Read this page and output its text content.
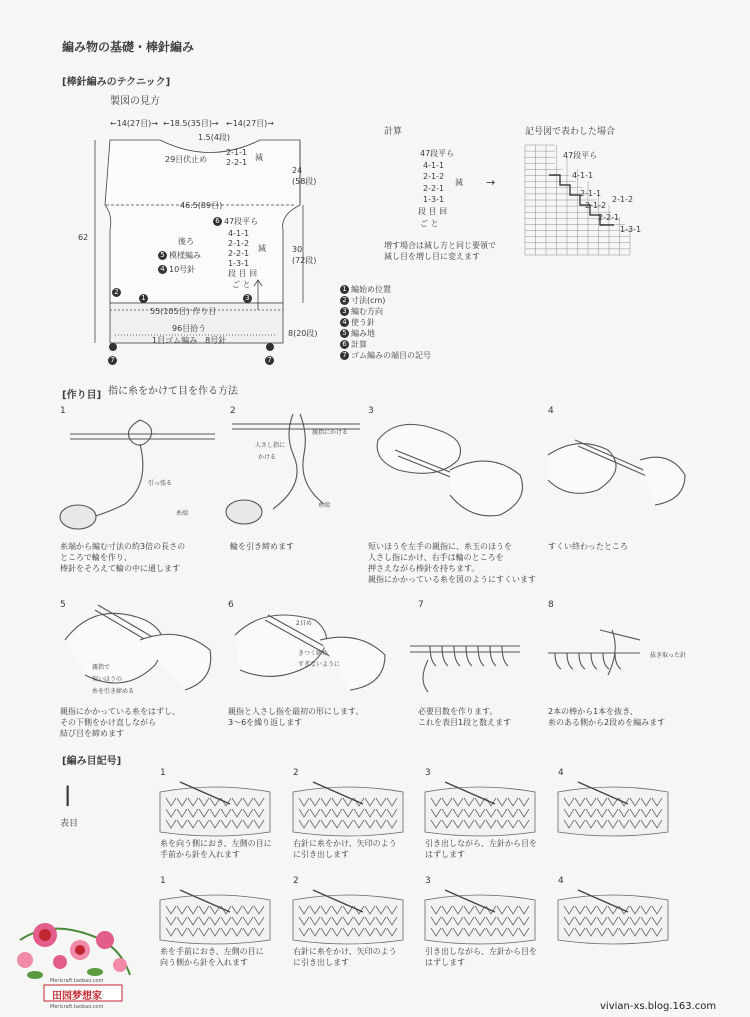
編み物の基礎・棒針編み
[棒針編みのテクニック]
製図の見方
←14(27目)→ ←18.5(35目)→ ←14(27目)→
1.5(4段)
29目伏止め
2-1-1
2-2-1
減
46.5(89目)
62
24
(58段)
30
(72段)
8(20段)
6 47段平ら
4-1-1
2-1-2
2-2-1
1-3-1
減
段 目 回
ご と
後ろ
5 模様編み
4 10号針
1
2
3
55(105目) 作り目
96目拾う
1目ゴム編み　8号針
7	7
1 編始め位置
2 寸法(cm)
3 編む方向
4 使う針
5 編み地
6 計算
7 ゴム編みの端目の記号
計算
47段平ら
4-1-1
2-1-2
2-2-1
1-3-1
減
段 目 回
ご と
増す場合は減し方と同じ要領で
減し目を増し目に変えます
→
記号図で表わした場合
47段平ら
4-1-1
2-1-1
2-1-2
2-1-2
2-2-1
1-3-1
[作り目] 指に糸をかけて目を作る方法
1
糸端から編む寸法の約3倍の長さの
ところで輪を作り、
棒針をそろえて輪の中に通します
引っ張る
糸端
2
輪を引き締めます
人さし指に
かける
親指にかける
糸端
3
短いほうを左手の親指に、糸玉のほうを
人さし指にかけ、右手は輪のところを
押さえながら棒針を持ちます。
親指にかかっている糸を図のようにすくいます
4
すくい終わったところ
5
親指にかかっている糸をはずし、
その下側をかけ直しながら
結び目を締めます
親指で
短いほうの
糸を引き締める
6
親指と人さし指を最初の形にします。
3～6を繰り返します
2目め
きつく締め
すぎないように
7
必要目数を作ります。
これを表目1段と数えます
8
2本の棒から1本を抜き、
糸のある側から2段めを編みます
抜き取った針
[編み目記号]
|
表目
1
糸を向う側におき、左側の目に
手前から針を入れます
2
右針に糸をかけ、矢印のよう
に引き出します
3
引き出しながら、左針から目を
はずします
4
1
糸を手前におき、左側の目に
向う側から針を入れます
2
右針に糸をかけ、矢印のよう
に引き出します
3
引き出しながら、左針から目を
はずします
4
田园梦想家
Mericraft.taobao.com
Mericraft.taobao.com	vivian-xs.blog.163.com
